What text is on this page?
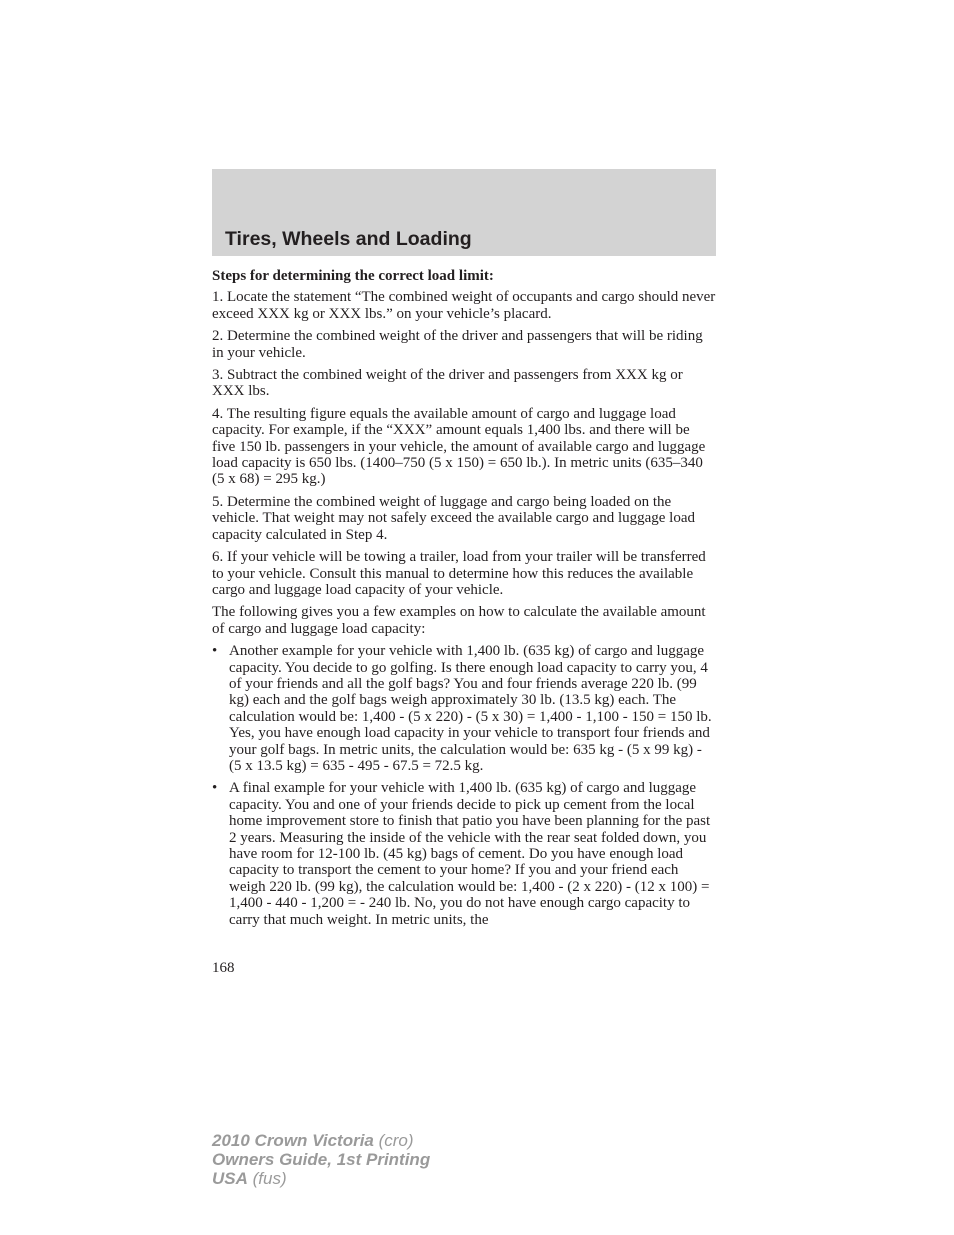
Tires, Wheels and Loading
Steps for determining the correct load limit:
1. Locate the statement “The combined weight of occupants and cargo should never exceed XXX kg or XXX lbs.” on your vehicle’s placard.
2. Determine the combined weight of the driver and passengers that will be riding in your vehicle.
3. Subtract the combined weight of the driver and passengers from XXX kg or XXX lbs.
4. The resulting figure equals the available amount of cargo and luggage load capacity. For example, if the “XXX” amount equals 1,400 lbs. and there will be five 150 lb. passengers in your vehicle, the amount of available cargo and luggage load capacity is 650 lbs. (1400–750 (5 x 150) = 650 lb.). In metric units (635–340 (5 x 68) = 295 kg.)
5. Determine the combined weight of luggage and cargo being loaded on the vehicle. That weight may not safely exceed the available cargo and luggage load capacity calculated in Step 4.
6. If your vehicle will be towing a trailer, load from your trailer will be transferred to your vehicle. Consult this manual to determine how this reduces the available cargo and luggage load capacity of your vehicle.
The following gives you a few examples on how to calculate the available amount of cargo and luggage load capacity:
• Another example for your vehicle with 1,400 lb. (635 kg) of cargo and luggage capacity. You decide to go golfing. Is there enough load capacity to carry you, 4 of your friends and all the golf bags? You and four friends average 220 lb. (99 kg) each and the golf bags weigh approximately 30 lb. (13.5 kg) each. The calculation would be: 1,400 - (5 x 220) - (5 x 30) = 1,400 - 1,100 - 150 = 150 lb. Yes, you have enough load capacity in your vehicle to transport four friends and your golf bags. In metric units, the calculation would be: 635 kg - (5 x 99 kg) - (5 x 13.5 kg) = 635 - 495 - 67.5 = 72.5 kg.
• A final example for your vehicle with 1,400 lb. (635 kg) of cargo and luggage capacity. You and one of your friends decide to pick up cement from the local home improvement store to finish that patio you have been planning for the past 2 years. Measuring the inside of the vehicle with the rear seat folded down, you have room for 12-100 lb. (45 kg) bags of cement. Do you have enough load capacity to transport the cement to your home? If you and your friend each weigh 220 lb. (99 kg), the calculation would be: 1,400 - (2 x 220) - (12 x 100) = 1,400 - 440 - 1,200 = - 240 lb. No, you do not have enough cargo capacity to carry that much weight. In metric units, the
168
2010 Crown Victoria (cro)
Owners Guide, 1st Printing
USA (fus)
